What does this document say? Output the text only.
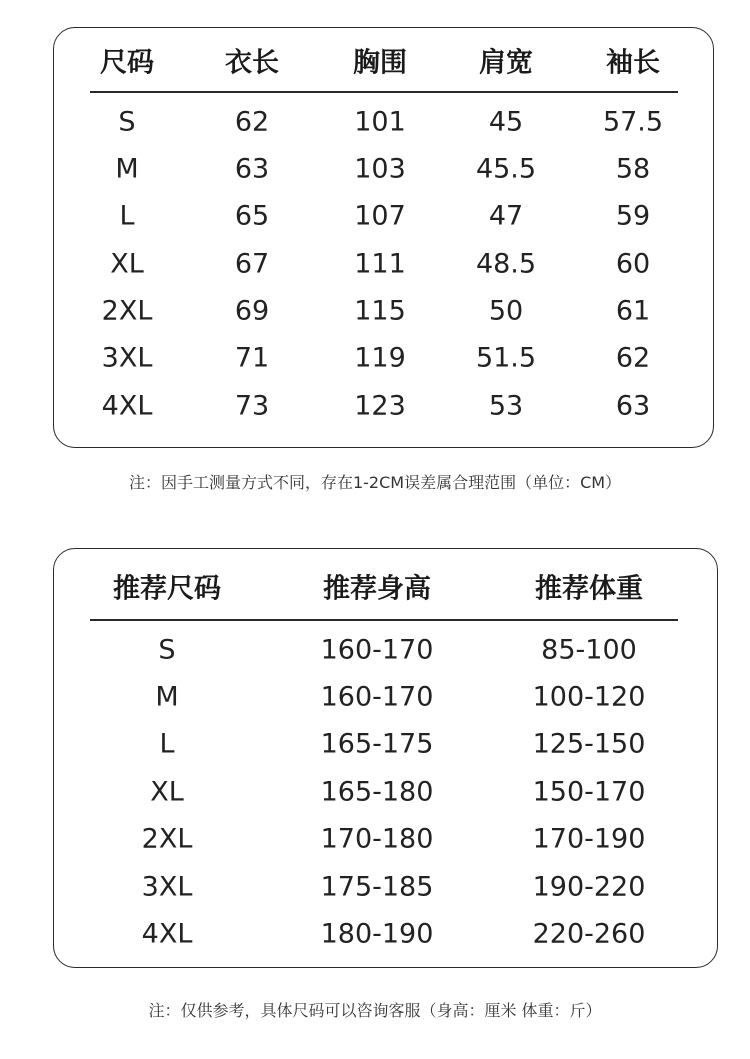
尺码	衣长	胸围	肩宽	袖长
S	62	101	45	57.5
M	63	103	45.5	58
L	65	107	47	59
XL	67	111	48.5	60
2XL	69	115	50	61
3XL	71	119	51.5	62
4XL	73	123	53	63
注：因手工测量方式不同，存在1-2CM误差属合理范围（单位：CM）
推荐尺码	推荐身高	推荐体重
S	160-170	85-100
M	160-170	100-120
L	165-175	125-150
XL	165-180	150-170
2XL	170-180	170-190
3XL	175-185	190-220
4XL	180-190	220-260
注：仅供参考，具体尺码可以咨询客服（身高：厘米 体重：斤）
